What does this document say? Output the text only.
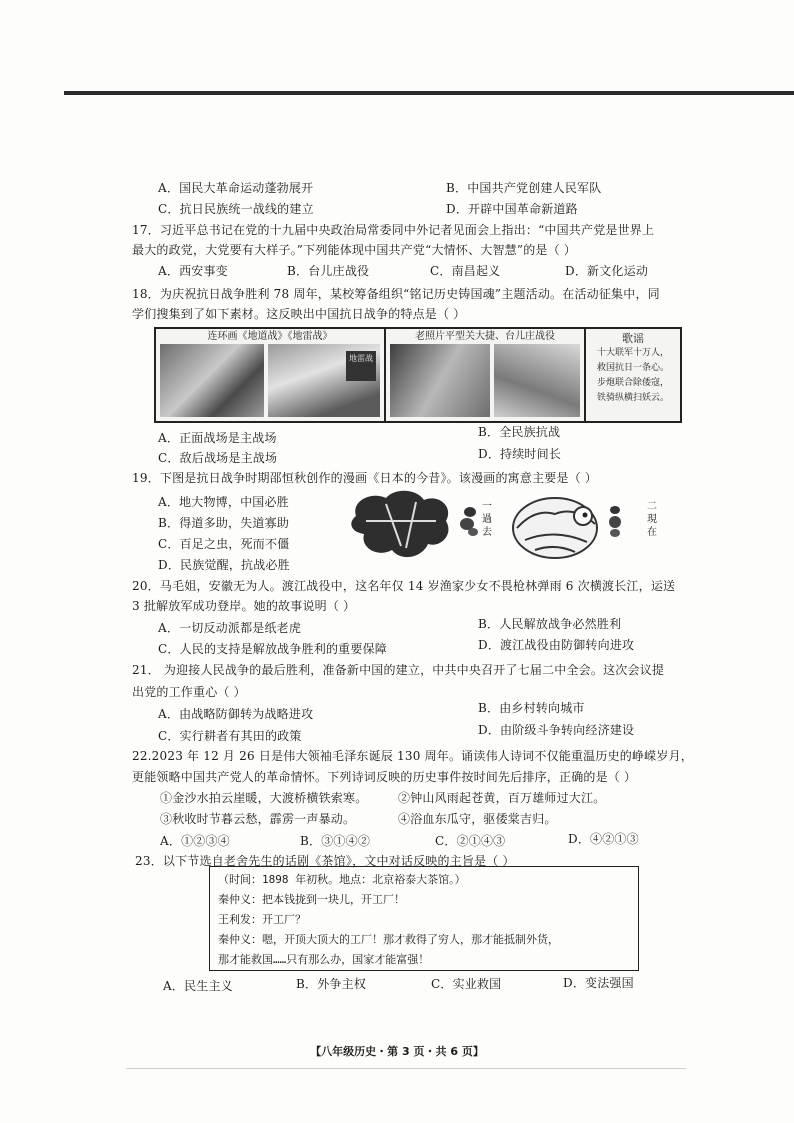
A．国民大革命运动蓬勃展开	B．中国共产党创建人民军队
C．抗日民族统一战线的建立	D．开辟中国革命新道路
17．习近平总书记在党的十九届中央政治局常委同中外记者见面会上指出：“中国共产党是世界上
最大的政党，大党要有大样子。”下列能体现中国共产党“大情怀、大智慧”的是（ ）
A．西安事变	B．台儿庄战役	C．南昌起义	D．新文化运动
18．为庆祝抗日战争胜利 78 周年，某校筹备组织“铭记历史铸国魂”主题活动。在活动征集中，同
学们搜集到了如下素材。这反映出中国抗日战争的特点是（ ）
连环画《地道战》《地雷战》
地雷战
老照片平型关大捷、台儿庄战役	歌谣
十大联军十万人，
救国抗日一条心。
步炮联合除倭寇，
铁骑纵横扫妖云。
A．正面战场是主战场	B．全民族抗战
C．敌后战场是主战场	D．持续时间长
19．下图是抗日战争时期邵恒秋创作的漫画《日本的今昔》。该漫画的寓意主要是（ ）
A．地大物博，中国必胜
B．得道多助，失道寡助
C．百足之虫，死而不僵
D．民族觉醒，抗战必胜
一
過
去
二
現
在
20．马毛姐，安徽无为人。渡江战役中，这名年仅 14 岁渔家少女不畏枪林弹雨 6 次横渡长江，运送
3 批解放军成功登岸。她的故事说明（ ）
A．一切反动派都是纸老虎	B．人民解放战争必然胜利
C．人民的支持是解放战争胜利的重要保障	D．渡江战役由防御转向进攻
21． 为迎接人民战争的最后胜利，准备新中国的建立，中共中央召开了七届二中全会。这次会议提
出党的工作重心（ ）
A．由战略防御转为战略进攻	B．由乡村转向城市
C．实行耕者有其田的政策	D．由阶级斗争转向经济建设
22.2023 年 12 月 26 日是伟大领袖毛泽东诞辰 130 周年。诵读伟人诗词不仅能重温历史的峥嵘岁月，
更能领略中国共产党人的革命情怀。下列诗词反映的历史事件按时间先后排序，正确的是（ ）
①金沙水拍云崖暖，大渡桥横铁索寒。	②钟山风雨起苍黄，百万雄师过大江。
③秋收时节暮云愁，霹雳一声暴动。	④浴血东瓜守，驱倭棠吉归。
A．①②③④	B．③①④②	C．②①④③	D．④②①③
23．以下节选自老舍先生的话剧《茶馆》，文中对话反映的主旨是（ ）
（时间：1898 年初秋。地点：北京裕泰大茶馆。）
秦仲义：把本钱拢到一块儿，开工厂！
王利发：开工厂？
秦仲义：嗯，开顶大顶大的工厂！那才救得了穷人，那才能抵制外货，
那才能救国……只有那么办，国家才能富强！
A．民生主义	B．外争主权	C．实业救国	D．变法强国
【八年级历史・第 3 页・共 6 页】
